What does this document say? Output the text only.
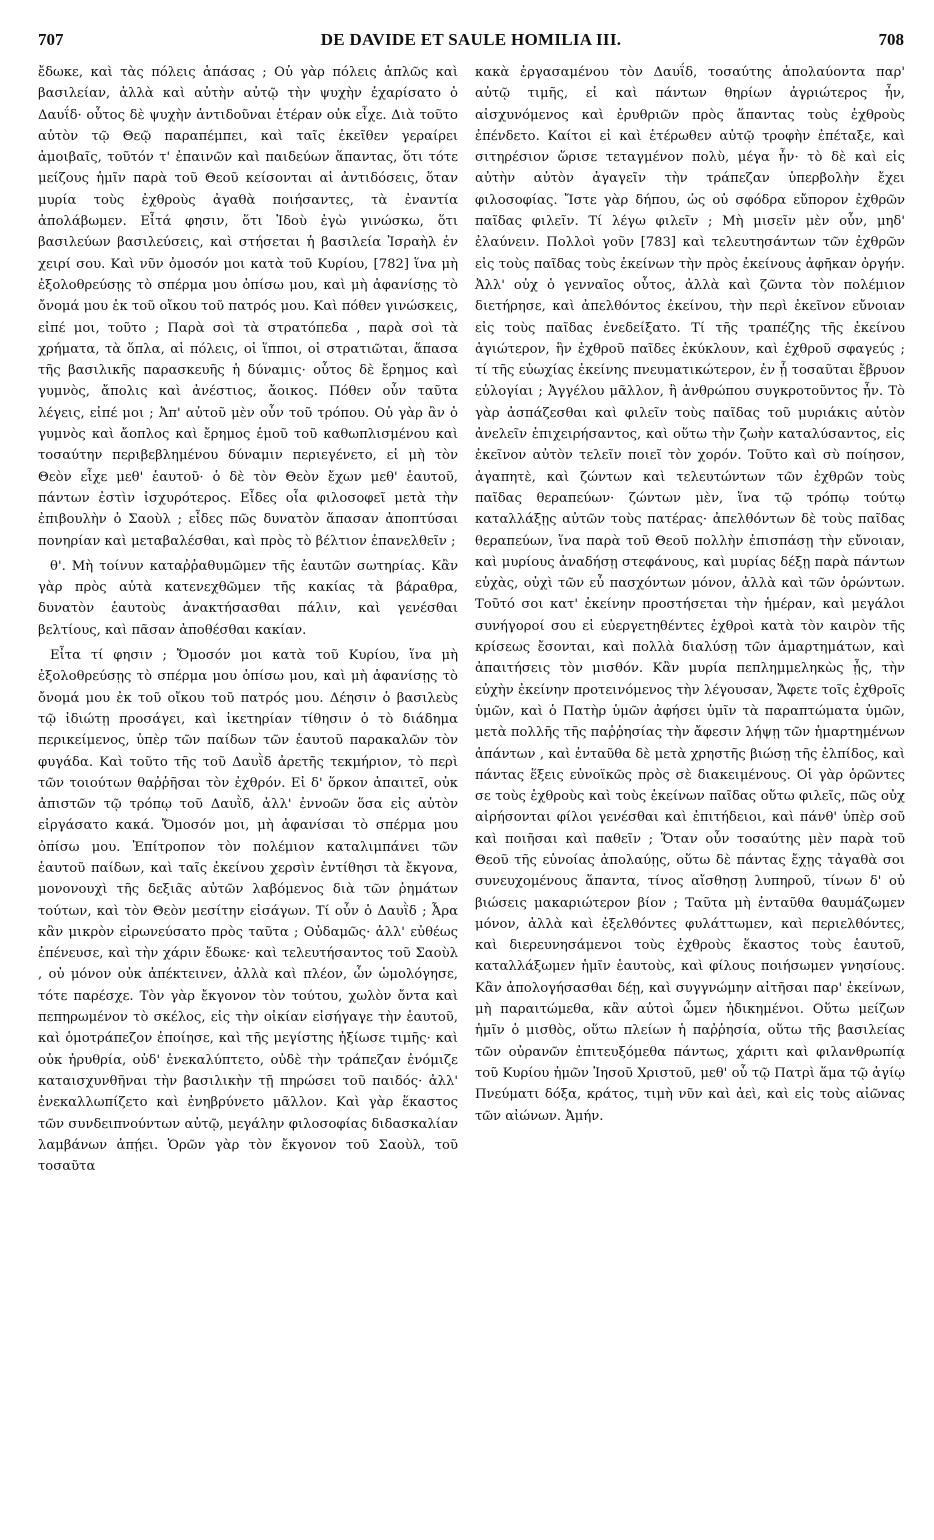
707	DE DAVIDE ET SAULE HOMILIA III.	708

ἔδωκε, καὶ τὰς πόλεις ἁπάσας ; Οὐ γὰρ πόλεις ἁπλῶς καὶ βασιλείαν, ἀλλὰ καὶ αὐτὴν αὐτῷ τὴν ψυχὴν ἐχαρίσατο ὁ Δαυΐδ· οὗτος δὲ ψυχὴν ἀντιδοῦναι ἑτέραν οὐκ εἶχε. Διὰ τοῦτο αὐτὸν τῷ Θεῷ παραπέμπει, καὶ ταῖς ἐκεῖθεν γεραίρει ἀμοιβαῖς, τοῦτόν τ' ἐπαινῶν καὶ παιδεύων ἅπαντας, ὅτι τότε μείζους ἡμῖν παρὰ τοῦ Θεοῦ κείσονται αἱ ἀντιδόσεις, ὅταν μυρία τοὺς ἐχθροὺς ἀγαθὰ ποιήσαντες, τὰ ἐναντία ἀπολάβωμεν. Εἶτά φησιν, ὅτι Ἰδοὺ ἐγὼ γινώσκω, ὅτι βασιλεύων βασιλεύσεις, καὶ στήσεται ἡ βασιλεία Ἰσραὴλ ἐν χειρί σου. Καὶ νῦν ὀμοσόν μοι κατὰ τοῦ Κυρίου, [782] ἵνα μὴ ἐξολοθρεύσῃς τὸ σπέρμα μου ὀπίσω μου, καὶ μὴ ἀφανίσῃς τὸ ὄνομά μου ἐκ τοῦ οἴκου τοῦ πατρός μου. Καὶ πόθεν γινώσκεις, εἰπέ μοι, τοῦτο ; Παρὰ σοὶ τὰ στρατόπεδα , παρὰ σοὶ τὰ χρήματα, τὰ ὅπλα, αἱ πόλεις, οἱ ἵπποι, οἱ στρατιῶται, ἅπασα τῆς βασιλικῆς παρασκευῆς ἡ δύναμις· οὗτος δὲ ἔρημος καὶ γυμνὸς, ἄπολις καὶ ἀνέστιος, ἄοικος. Πόθεν οὖν ταῦτα λέγεις, εἰπέ μοι ; Ἀπ' αὐτοῦ μὲν οὖν τοῦ τρόπου. Οὐ γὰρ ἂν ὁ γυμνὸς καὶ ἄοπλος καὶ ἔρημος ἐμοῦ τοῦ καθωπλισμένου καὶ τοσαύτην περιβεβλημένου δύναμιν περιεγένετο, εἰ μὴ τὸν Θεὸν εἶχε μεθ' ἑαυτοῦ· ὁ δὲ τὸν Θεὸν ἔχων μεθ' ἑαυτοῦ, πάντων ἐστὶν ἰσχυρότερος. Εἶδες οἷα φιλοσοφεῖ μετὰ τὴν ἐπιβουλὴν ὁ Σαοὺλ ; εἶδες πῶς δυνατὸν ἅπασαν ἀποπτύσαι πονηρίαν καὶ μεταβαλέσθαι, καὶ πρὸς τὸ βέλτιον ἐπανελθεῖν ;

θ'. Μὴ τοίνυν καταῤῥαθυμῶμεν τῆς ἑαυτῶν σωτηρίας. Κἂν γὰρ πρὸς αὐτὰ κατενεχθῶμεν τῆς κακίας τὰ βάραθρα, δυνατὸν ἑαυτοὺς ἀνακτήσασθαι πάλιν, καὶ γενέσθαι βελτίους, καὶ πᾶσαν ἀποθέσθαι κακίαν.

Εἶτα τί φησιν ; Ὄμοσόν μοι κατὰ τοῦ Κυρίου, ἵνα μὴ ἐξολοθρεύσῃς τὸ σπέρμα μου ὀπίσω μου, καὶ μὴ ἀφανίσῃς τὸ ὄνομά μου ἐκ τοῦ οἴκου τοῦ πατρός μου. Δέησιν ὁ βασιλεὺς τῷ ἰδιώτῃ προσάγει, καὶ ἱκετηρίαν τίθησιν ὁ τὸ διάδημα περικείμενος, ὑπὲρ τῶν παίδων τῶν ἑαυτοῦ παρακαλῶν τὸν φυγάδα. Καὶ τοῦτο τῆς τοῦ Δαυῒδ ἀρετῆς τεκμήριον, τὸ περὶ τῶν τοιούτων θαῤῥῆσαι τὸν ἐχθρόν. Εἰ δ' ὅρκον ἀπαιτεῖ, οὐκ ἀπιστῶν τῷ τρόπῳ τοῦ Δαυῒδ, ἀλλ' ἐννοῶν ὅσα εἰς αὐτὸν εἰργάσατο κακά. Ὄμοσόν μοι, μὴ ἀφανίσαι τὸ σπέρμα μου ὀπίσω μου. Ἐπίτροπον τὸν πολέμιον καταλιμπάνει τῶν ἑαυτοῦ παίδων, καὶ ταῖς ἐκείνου χερσὶν ἐντίθησι τὰ ἔκγονα, μονονουχὶ τῆς δεξιᾶς αὐτῶν λαβόμενος διὰ τῶν ῥημάτων τούτων, καὶ τὸν Θεὸν μεσίτην εἰσάγων. Τί οὖν ὁ Δαυῒδ ; Ἆρα κἂν μικρὸν εἰρωνεύσατο πρὸς ταῦτα ; Οὐδαμῶς· ἀλλ' εὐθέως ἐπένευσε, καὶ τὴν χάριν ἔδωκε· καὶ τελευτήσαντος τοῦ Σαοὺλ , οὐ μόνον οὐκ ἀπέκτεινεν, ἀλλὰ καὶ πλέον, ὧν ὡμολόγησε, τότε παρέσχε. Τὸν γὰρ ἔκγονον τὸν τούτου, χωλὸν ὄντα καὶ πεπηρωμένον τὸ σκέλος, εἰς τὴν οἰκίαν εἰσήγαγε τὴν ἑαυτοῦ, καὶ ὁμοτράπεζον ἐποίησε, καὶ τῆς μεγίστης ἠξίωσε τιμῆς· καὶ οὐκ ἠρυθρία, οὐδ' ἐνεκαλύπτετο, οὐδὲ τὴν τράπεζαν ἐνόμιζε καταισχυνθῆναι τὴν βασιλικὴν τῇ πηρώσει τοῦ παιδός· ἀλλ' ἐνεκαλλωπίζετο καὶ ἐνηβρύνετο μᾶλλον. Καὶ γὰρ ἕκαστος τῶν συνδειπνούντων αὐτῷ, μεγάλην φιλοσοφίας διδασκαλίαν λαμβάνων ἀπῄει. Ὁρῶν γὰρ τὸν ἔκγονον τοῦ Σαοὺλ, τοῦ τοσαῦτα

κακὰ ἐργασαμένου τὸν Δαυΐδ, τοσαύτης ἀπολαύοντα παρ' αὐτῷ τιμῆς, εἰ καὶ πάντων θηρίων ἀγριώτερος ἦν, αἰσχυνόμενος καὶ ἐρυθριῶν πρὸς ἅπαντας τοὺς ἐχθροὺς ἐπένδετο. Καίτοι εἰ καὶ ἑτέρωθεν αὐτῷ τροφὴν ἐπέταξε, καὶ σιτηρέσιον ὥρισε τεταγμένον πολὺ, μέγα ἦν· τὸ δὲ καὶ εἰς αὐτὴν αὐτὸν ἀγαγεῖν τὴν τράπεζαν ὑπερβολὴν ἔχει φιλοσοφίας. Ἴστε γὰρ δήπου, ὡς οὐ σφόδρα εὔπορον ἐχθρῶν παῖδας φιλεῖν. Τί λέγω φιλεῖν ; Μὴ μισεῖν μὲν οὖν, μηδ' ἐλαύνειν. Πολλοὶ γοῦν [783] καὶ τελευτησάντων τῶν ἐχθρῶν εἰς τοὺς παῖδας τοὺς ἐκείνων τὴν πρὸς ἐκείνους ἀφῆκαν ὀργήν. Ἀλλ' οὐχ ὁ γενναῖος οὗτος, ἀλλὰ καὶ ζῶντα τὸν πολέμιον διετήρησε, καὶ ἀπελθόντος ἐκείνου, τὴν περὶ ἐκεῖνον εὔνοιαν εἰς τοὺς παῖδας ἐνεδείξατο. Τί τῆς τραπέζης τῆς ἐκείνου ἁγιώτερον, ἣν ἐχθροῦ παῖδες ἐκύκλουν, καὶ ἐχθροῦ σφαγεύς ; τί τῆς εὐωχίας ἐκείνης πνευματικώτερον, ἐν ᾗ τοσαῦται ἔβρυον εὐλογίαι ; Ἀγγέλου μᾶλλον, ἢ ἀνθρώπου συγκροτοῦντος ἦν. Τὸ γὰρ ἀσπάζεσθαι καὶ φιλεῖν τοὺς παῖδας τοῦ μυριάκις αὐτὸν ἀνελεῖν ἐπιχειρήσαντος, καὶ οὕτω τὴν ζωὴν καταλύσαντος, εἰς ἐκεῖνον αὐτὸν τελεῖν ποιεῖ τὸν χορόν. Τοῦτο καὶ σὺ ποίησον, ἀγαπητὲ, καὶ ζώντων καὶ τελευτώντων τῶν ἐχθρῶν τοὺς παῖδας θεραπεύων· ζώντων μὲν, ἵνα τῷ τρόπῳ τούτῳ καταλλάξῃς αὐτῶν τοὺς πατέρας· ἀπελθόντων δὲ τοὺς παῖδας θεραπεύων, ἵνα παρὰ τοῦ Θεοῦ πολλὴν ἐπισπάσῃ τὴν εὔνοιαν, καὶ μυρίους ἀναδήσῃ στεφάνους, καὶ μυρίας δέξῃ παρὰ πάντων εὐχὰς, οὐχὶ τῶν εὖ πασχόντων μόνον, ἀλλὰ καὶ τῶν ὁρώντων. Τοῦτό σοι κατ' ἐκείνην προστήσεται τὴν ἡμέραν, καὶ μεγάλοι συνήγοροί σου εἰ εὐεργετηθέντες ἐχθροὶ κατὰ τὸν καιρὸν τῆς κρίσεως ἔσονται, καὶ πολλὰ διαλύσῃ τῶν ἁμαρτημάτων, καὶ ἀπαιτήσεις τὸν μισθόν. Κἂν μυρία πεπλημμεληκὼς ᾖς, τὴν εὐχὴν ἐκείνην προτεινόμενος τὴν λέγουσαν, Ἄφετε τοῖς ἐχθροῖς ὑμῶν, καὶ ὁ Πατὴρ ὑμῶν ἀφήσει ὑμῖν τὰ παραπτώματα ὑμῶν, μετὰ πολλῆς τῆς παῤῥησίας τὴν ἄφεσιν λήψῃ τῶν ἡμαρτημένων ἁπάντων , καὶ ἐνταῦθα δὲ μετὰ χρηστῆς βιώσῃ τῆς ἐλπίδος, καὶ πάντας ἕξεις εὐνοϊκῶς πρὸς σὲ διακειμένους. Οἱ γὰρ ὁρῶντες σε τοὺς ἐχθροὺς καὶ τοὺς ἐκείνων παῖδας οὕτω φιλεῖς, πῶς οὐχ αἱρήσονται φίλοι γενέσθαι καὶ ἐπιτήδειοι, καὶ πάνθ' ὑπὲρ σοῦ καὶ ποιῆσαι καὶ παθεῖν ; Ὅταν οὖν τοσαύτης μὲν παρὰ τοῦ Θεοῦ τῆς εὐνοίας ἀπολαύῃς, οὕτω δὲ πάντας ἔχῃς τἀγαθὰ σοι συνευχομένους ἅπαντα, τίνος αἴσθησῃ λυπηροῦ, τίνων δ' οὐ βιώσεις μακαριώτερον βίον ; Ταῦτα μὴ ἐνταῦθα θαυμάζωμεν μόνον, ἀλλὰ καὶ ἐξελθόντες φυλάττωμεν, καὶ περιελθόντες, καὶ διερευνησάμενοι τοὺς ἐχθροὺς ἕκαστος τοὺς ἑαυτοῦ, καταλλάξωμεν ἡμῖν ἑαυτοὺς, καὶ φίλους ποιήσωμεν γνησίους. Κἂν ἀπολογήσασθαι δέῃ, καὶ συγγνώμην αἰτῆσαι παρ' ἐκείνων, μὴ παραιτώμεθα, κἂν αὐτοὶ ὦμεν ἠδικημένοι. Οὕτω μείζων ἡμῖν ὁ μισθὸς, οὕτω πλείων ἡ παῤῥησία, οὕτω τῆς βασιλείας τῶν οὐρανῶν ἐπιτευξόμεθα πάντως, χάριτι καὶ φιλανθρωπίᾳ τοῦ Κυρίου ἡμῶν Ἰησοῦ Χριστοῦ, μεθ' οὗ τῷ Πατρὶ ἅμα τῷ ἁγίῳ Πνεύματι δόξα, κράτος, τιμὴ νῦν καὶ ἀεὶ, καὶ εἰς τοὺς αἰῶνας τῶν αἰώνων. Ἀμήν.
